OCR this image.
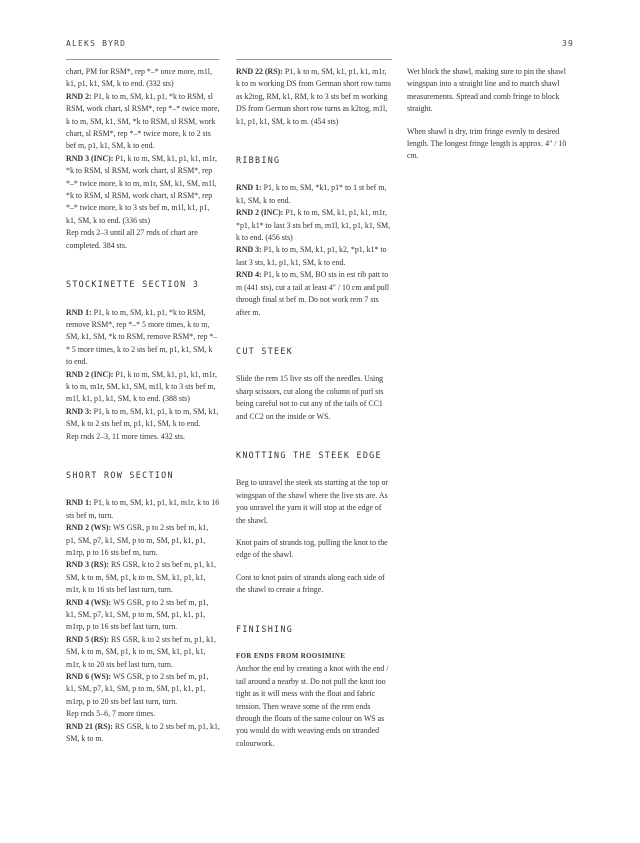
ALEKS BYRD	39

chart, PM for RSM*, rep *–* once more, m1l, k1, p1, k1, SM, k to end. (332 sts)

RND 2: P1, k to m, SM, k1, p1, *k to RSM, sl RSM, work chart, sl RSM*, rep *–* twice more, k to m, SM, k1, SM, *k to RSM, sl RSM, work chart, sl RSM*, rep *–* twice more, k to 2 sts bef m, p1, k1, SM, k to end.

RND 3 (INC): P1, k to m, SM, k1, p1, k1, m1r, *k to RSM, sl RSM, work chart, sl RSM*, rep *–* twice more, k to m, m1r, SM, k1, SM, m1l, *k to RSM, sl RSM, work chart, sl RSM*, rep *–* twice more, k to 3 sts bef m, m1l, k1, p1, k1, SM, k to end. (336 sts)

Rep rnds 2–3 until all 27 rnds of chart are completed. 384 sts.

STOCKINETTE SECTION 3

RND 1: P1, k to m, SM, k1, p1, *k to RSM, remove RSM*, rep *–* 5 more times, k to m, SM, k1, SM, *k to RSM, remove RSM*, rep *–* 5 more times, k to 2 sts bef m, p1, k1, SM, k to end.

RND 2 (INC): P1, k to m, SM, k1, p1, k1, m1r, k to m, m1r, SM, k1, SM, m1l, k to 3 sts bef m, m1l, k1, p1, k1, SM, k to end. (388 sts)

RND 3: P1, k to m, SM, k1, p1, k to m, SM, k1, SM, k to 2 sts bef m, p1, k1, SM, k to end.

Rep rnds 2–3, 11 more times. 432 sts.

SHORT ROW SECTION

RND 1: P1, k to m, SM, k1, p1, k1, m1r, k to 16 sts bef m, turn.

RND 2 (WS): WS GSR, p to 2 sts bef m, k1, p1, SM, p7, k1, SM, p to m, SM, p1, k1, p1, m1rp, p to 16 sts bef m, turn.

RND 3 (RS): RS GSR, k to 2 sts bef m, p1, k1, SM, k to m, SM, p1, k to m, SM, k1, p1, k1, m1r, k to 16 sts bef last turn, turn.

RND 4 (WS): WS GSR, p to 2 sts bef m, p1, k1, SM, p7, k1, SM, p to m, SM, p1, k1, p1, m1rp, p to 16 sts bef last turn, turn.

RND 5 (RS): RS GSR, k to 2 sts bef m, p1, k1, SM, k to m, SM, p1, k to m, SM, k1, p1, k1, m1r, k to 20 sts bef last turn, turn.

RND 6 (WS): WS GSR, p to 2 sts bef m, p1, k1, SM, p7, k1, SM, p to m, SM, p1, k1, p1, m1rp, p to 20 sts bef last turn, turn.

Rep rnds 5–6, 7 more times.

RND 21 (RS): RS GSR, k to 2 sts bef m, p1, k1, SM, k to m.

RND 22 (RS): P1, k to m, SM, k1, p1, k1, m1r, k to m working DS from German short row turns as k2tog, RM, k1, RM, k to 3 sts bef m working DS from German short row turns as k2tog, m1l, k1, p1, k1, SM, k to m. (454 sts)

RIBBING

RND 1: P1, k to m, SM, *k1, p1* to 1 st bef m, k1, SM, k to end.

RND 2 (INC): P1, k to m, SM, k1, p1, k1, m1r, *p1, k1* to last 3 sts bef m, m1l, k1, p1, k1, SM, k to end. (456 sts)

RND 3: P1, k to m, SM, k1, p1, k2, *p1, k1* to last 3 sts, k1, p1, k1, SM, k to end.

RND 4: P1, k to m, SM, BO sts in est rib patt to m (441 sts), cut a tail at least 4" / 10 cm and pull through final st bef m. Do not work rem 7 sts after m.

CUT STEEK

Slide the rem 15 live sts off the needles. Using sharp scissors, cut along the column of purl sts being careful not to cut any of the tails of CC1 and CC2 on the inside or WS.

KNOTTING THE STEEK EDGE

Beg to unravel the steek sts starting at the top or wingspan of the shawl where the live sts are. As you unravel the yarn it will stop at the edge of the shawl.

Knot pairs of strands tog, pulling the knot to the edge of the shawl.

Cont to knot pairs of strands along each side of the shawl to create a fringe.

FINISHING

FOR ENDS FROM ROOSIMINE

Anchor the end by creating a knot with the end / tail around a nearby st. Do not pull the knot too tight as it will mess with the float and fabric tension. Then weave some of the rem ends through the floats of the same colour on WS as you would do with weaving ends on stranded colourwork.

Wet block the shawl, making sure to pin the shawl wingspan into a straight line and to match shawl measurements. Spread and comb fringe to block straight.

When shawl is dry, trim fringe evenly to desired length. The longest fringe length is approx. 4" / 10 cm.
